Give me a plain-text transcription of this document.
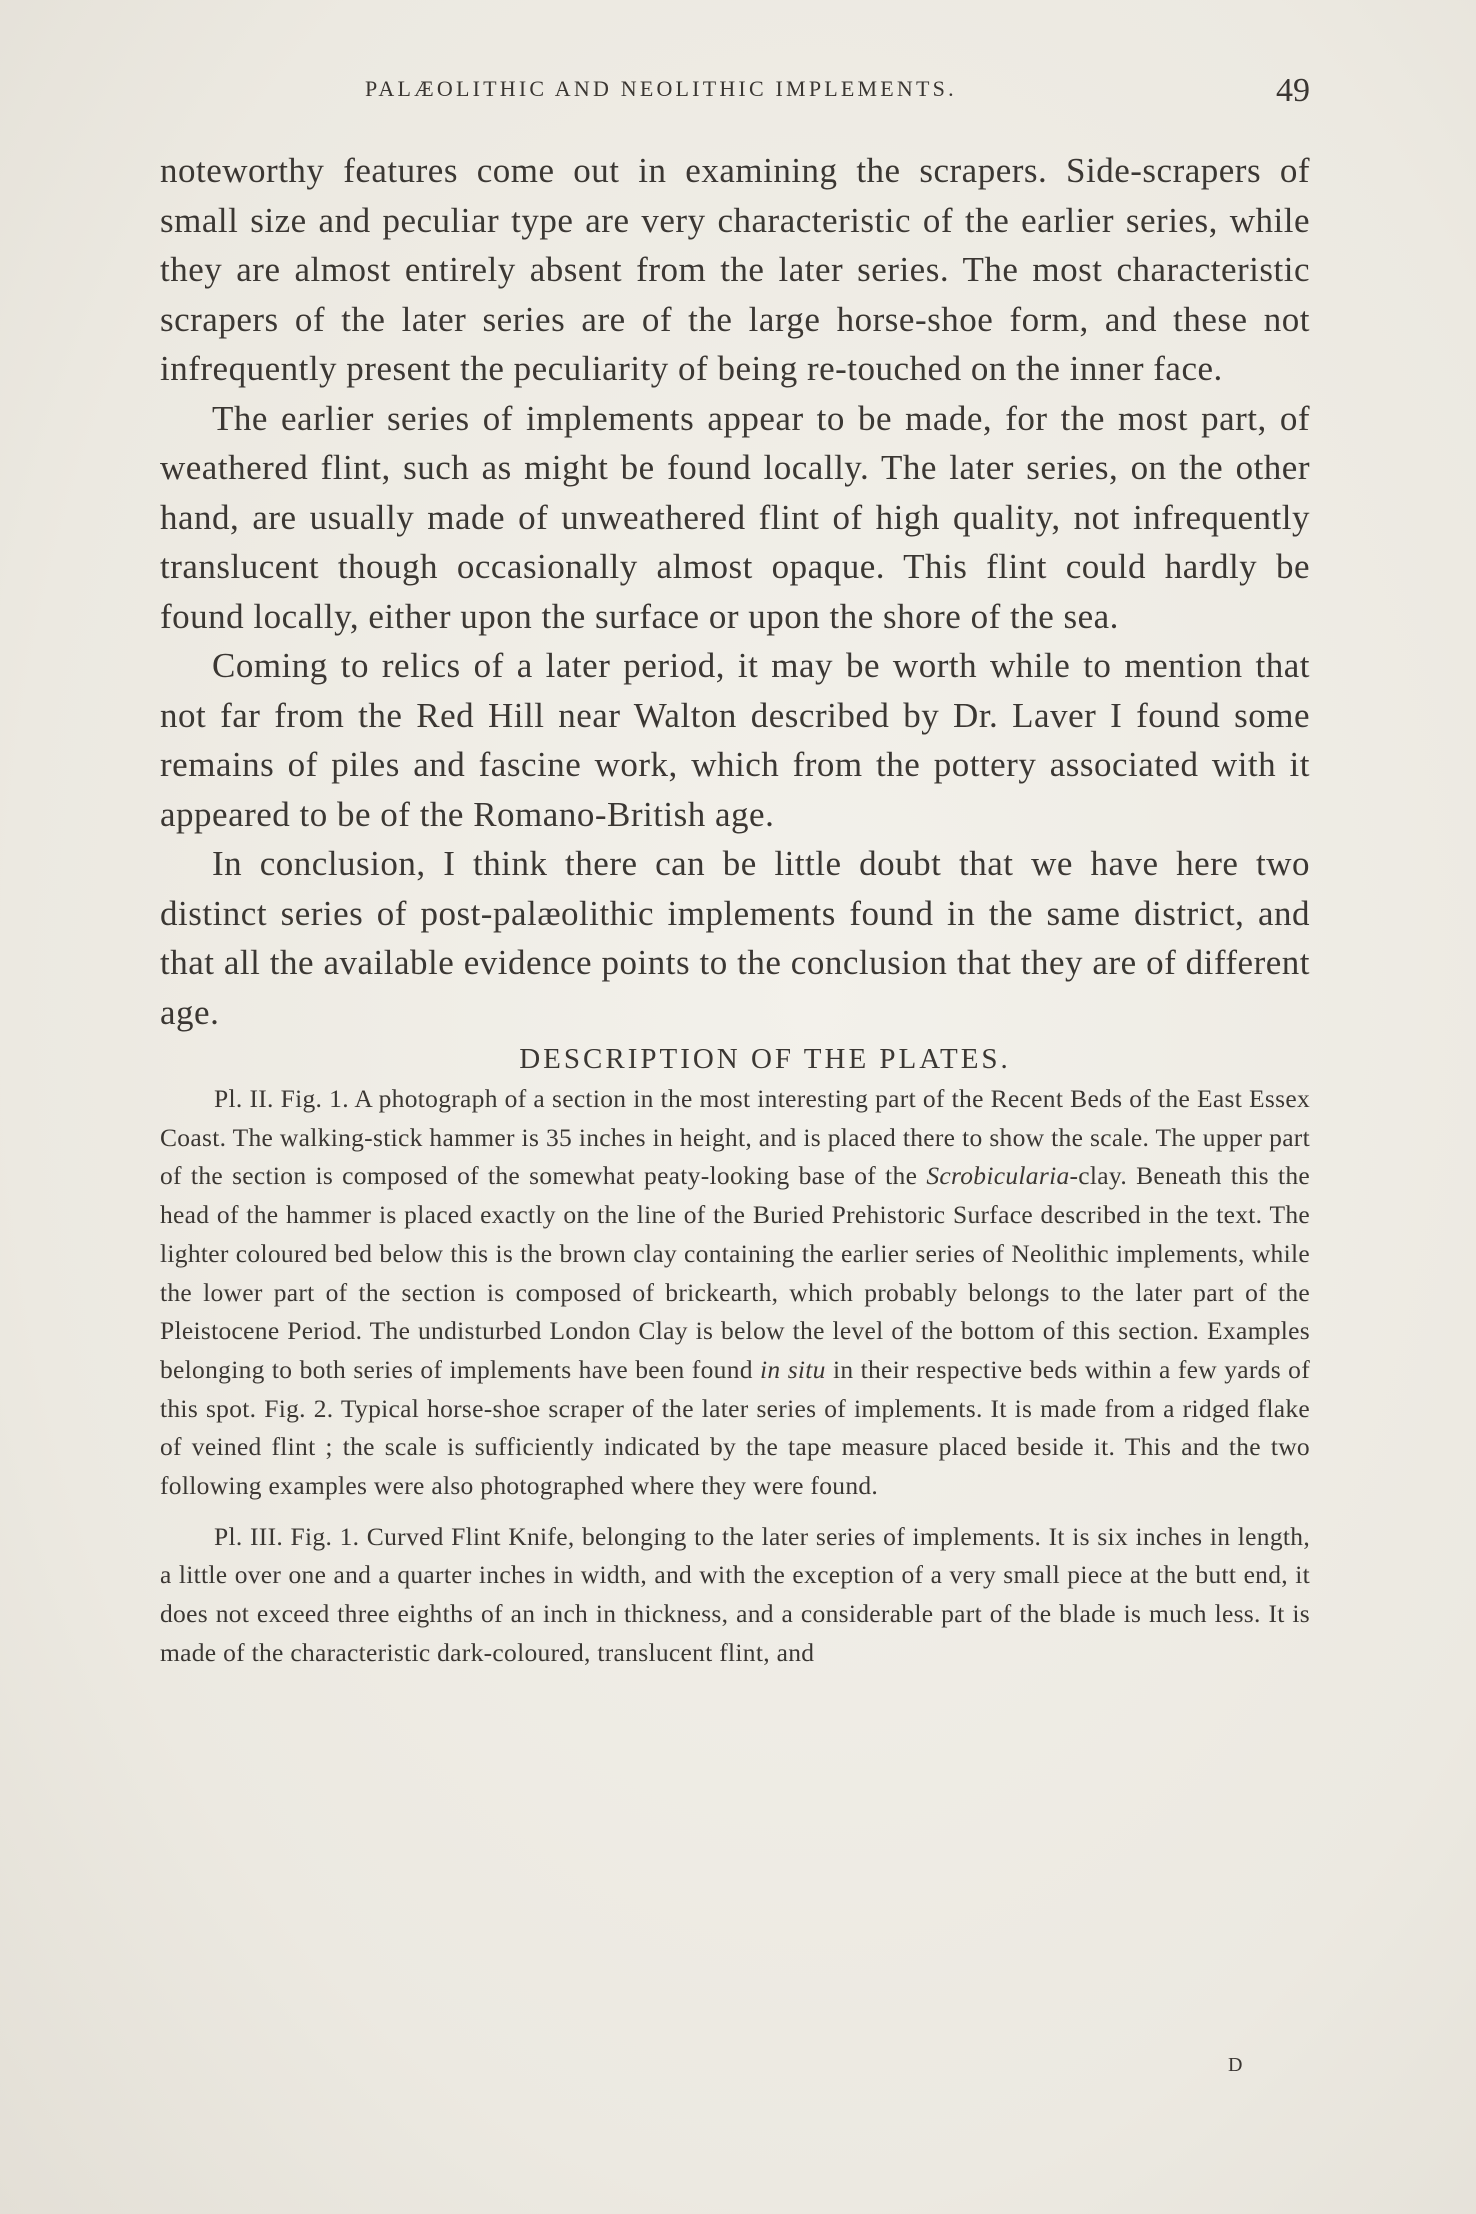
PALÆOLITHIC AND NEOLITHIC IMPLEMENTS.	49

noteworthy features come out in examining the scrapers. Side-scrapers of small size and peculiar type are very characteristic of the earlier series, while they are almost entirely absent from the later series. The most characteristic scrapers of the later series are of the large horse-shoe form, and these not infrequently present the peculiarity of being re-touched on the inner face.

The earlier series of implements appear to be made, for the most part, of weathered flint, such as might be found locally. The later series, on the other hand, are usually made of unweathered flint of high quality, not infrequently translucent though occasionally almost opaque. This flint could hardly be found locally, either upon the surface or upon the shore of the sea.

Coming to relics of a later period, it may be worth while to mention that not far from the Red Hill near Walton described by Dr. Laver I found some remains of piles and fascine work, which from the pottery associated with it appeared to be of the Romano-British age.

In conclusion, I think there can be little doubt that we have here two distinct series of post-palæolithic implements found in the same district, and that all the available evidence points to the conclusion that they are of different age.

DESCRIPTION OF THE PLATES.

Pl. II. Fig. 1. A photograph of a section in the most interesting part of the Recent Beds of the East Essex Coast. The walking-stick hammer is 35 inches in height, and is placed there to show the scale. The upper part of the section is composed of the somewhat peaty-looking base of the Scrobicularia-clay. Beneath this the head of the hammer is placed exactly on the line of the Buried Prehistoric Surface described in the text. The lighter coloured bed below this is the brown clay containing the earlier series of Neolithic implements, while the lower part of the section is composed of brickearth, which probably belongs to the later part of the Pleistocene Period. The undisturbed London Clay is below the level of the bottom of this section. Examples belonging to both series of implements have been found in situ in their respective beds within a few yards of this spot. Fig. 2. Typical horse-shoe scraper of the later series of implements. It is made from a ridged flake of veined flint ; the scale is sufficiently indicated by the tape measure placed beside it. This and the two following examples were also photographed where they were found.

Pl. III. Fig. 1. Curved Flint Knife, belonging to the later series of implements. It is six inches in length, a little over one and a quarter inches in width, and with the exception of a very small piece at the butt end, it does not exceed three eighths of an inch in thickness, and a considerable part of the blade is much less. It is made of the characteristic dark-coloured, translucent flint, and

D
